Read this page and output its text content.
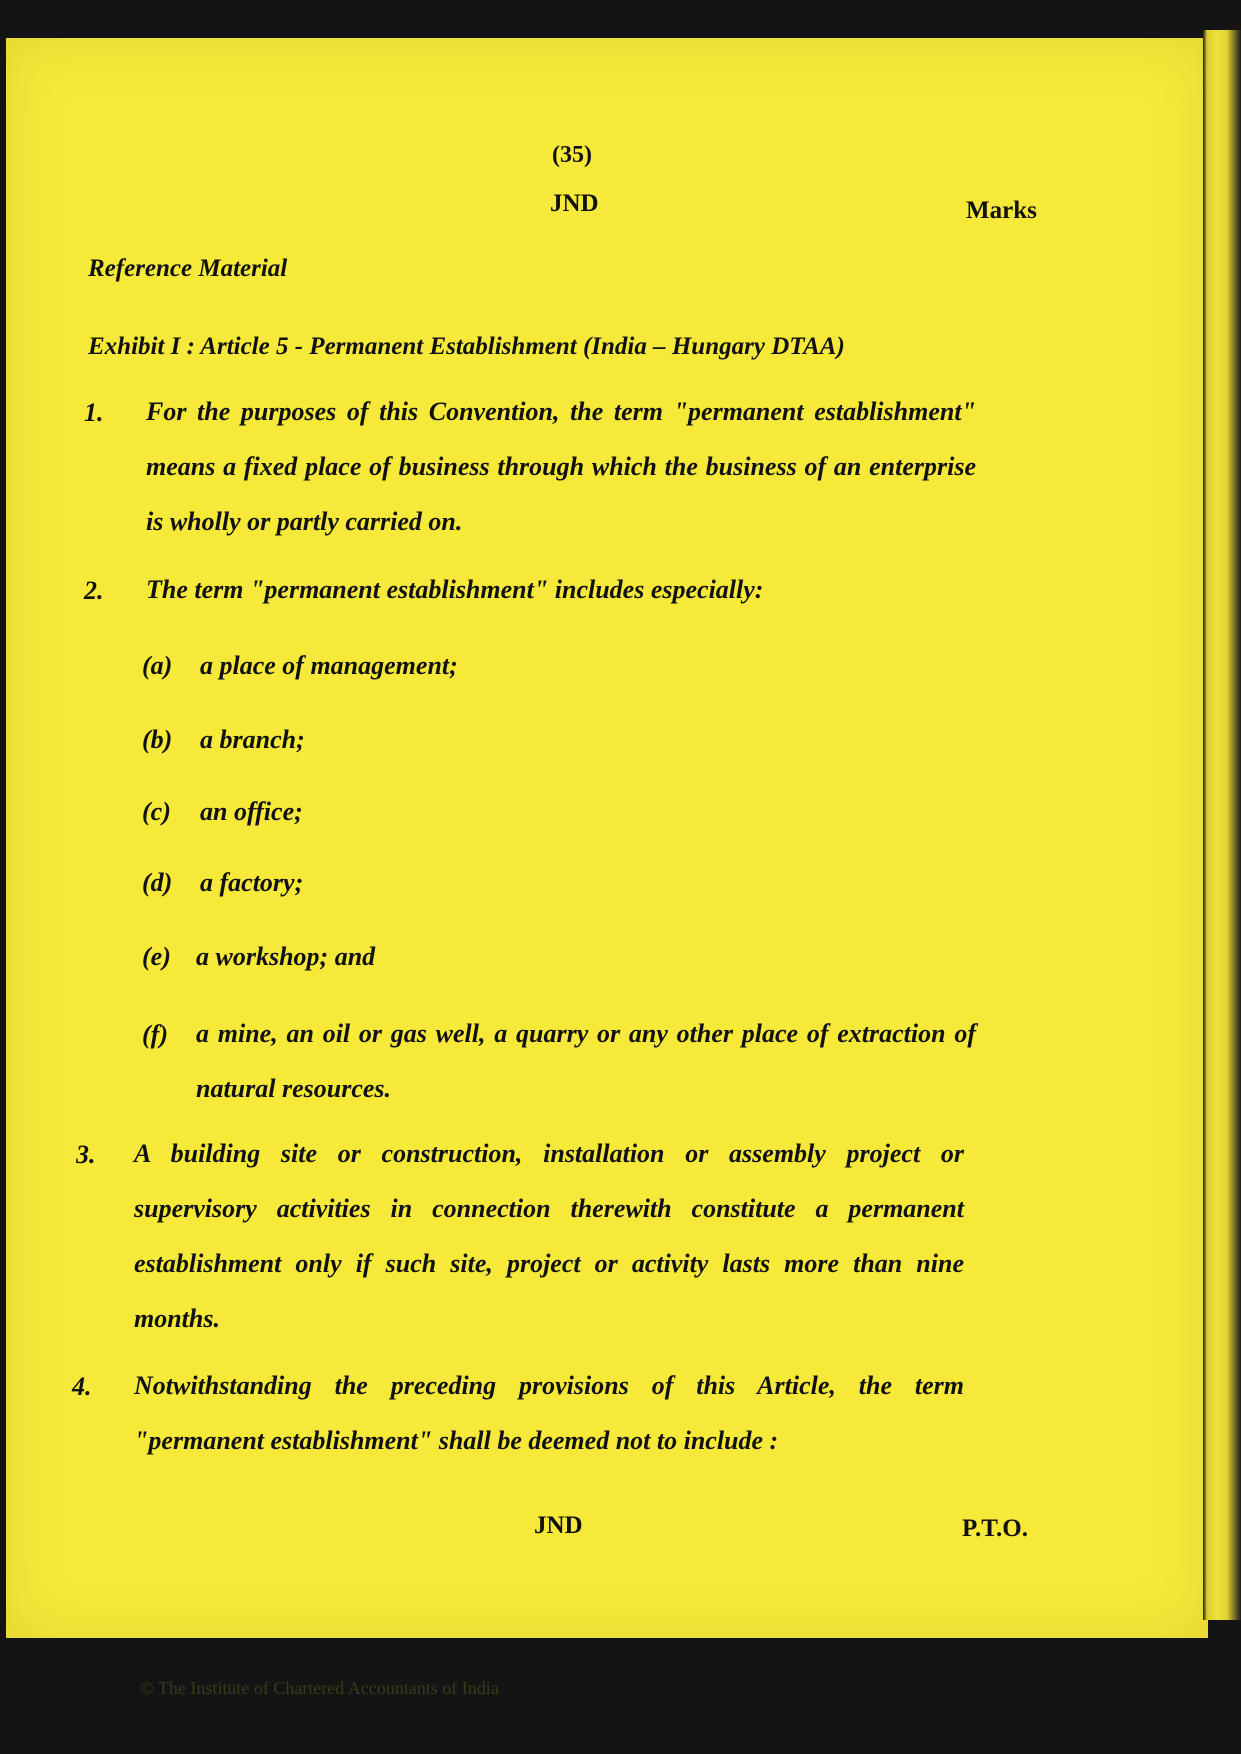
(35)
JND	Marks
Reference Material
Exhibit I : Article 5 - Permanent Establishment (India – Hungary DTAA)
1. For the purposes of this Convention, the term "permanent establishment" means a fixed place of business through which the business of an enterprise is wholly or partly carried on.
2. The term "permanent establishment" includes especially:
(a) a place of management;
(b) a branch;
(c) an office;
(d) a factory;
(e) a workshop; and
(f) a mine, an oil or gas well, a quarry or any other place of extraction of natural resources.
3. A building site or construction, installation or assembly project or supervisory activities in connection therewith constitute a permanent establishment only if such site, project or activity lasts more than nine months.
4. Notwithstanding the preceding provisions of this Article, the term "permanent establishment" shall be deemed not to include :
JND	P.T.O.
© The Institute of Chartered Accountants of India
